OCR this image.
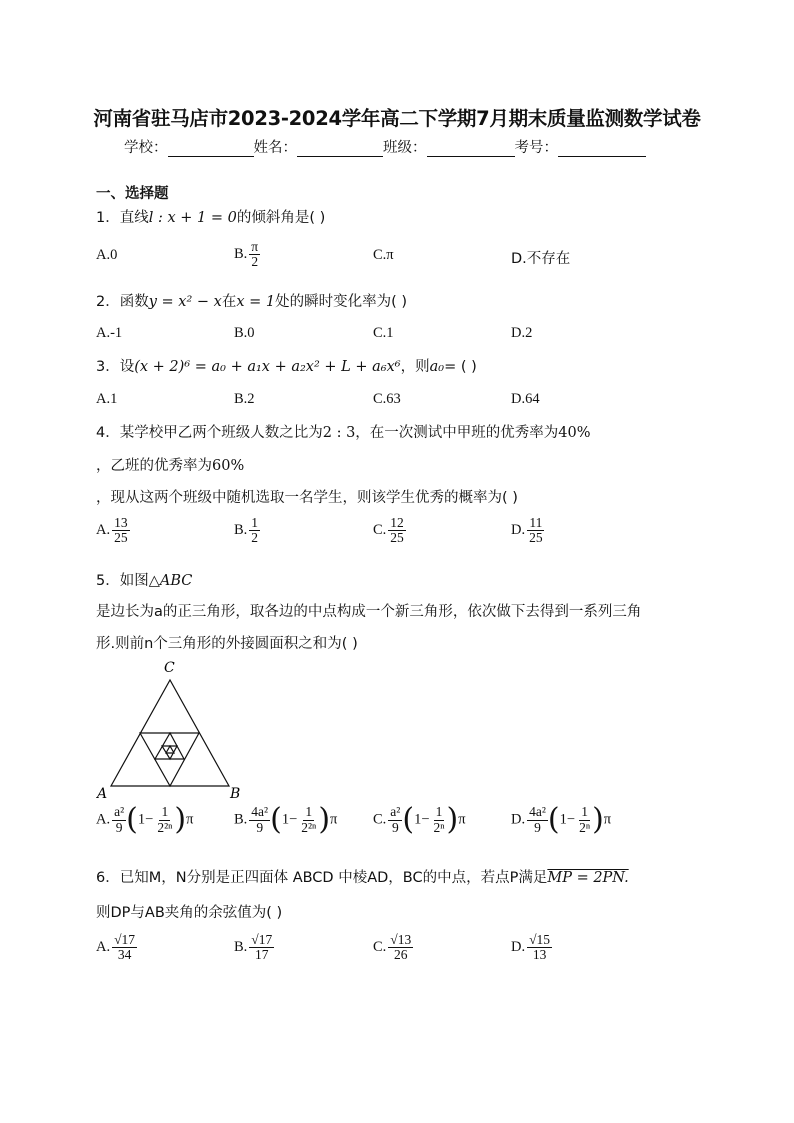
河南省驻马店市2023-2024学年高二下学期7月期末质量监测数学试卷
学校：	姓名：	班级：	考号：
一、选择题
1．直线l : x + 1 = 0的倾斜角是( )
A.0	B. $\frac{\pi}{2}$	C.π	D.不存在
2．函数y = x² − x在x = 1处的瞬时变化率为( )
A.-1	B.0	C.1	D.2
3．设(x + 2)⁶ = a₀ + a₁x + a₂x² + L + a₆x⁶，则a₀= ( )
A.1	B.2	C.63	D.64
4．某学校甲乙两个班级人数之比为2 : 3，在一次测试中甲班的优秀率为40%
，乙班的优秀率为60%
，现从这两个班级中随机选取一名学生，则该学生优秀的概率为( )
A. $\frac{13}{25}$	B. $\frac{1}{2}$	C. $\frac{12}{25}$	D. $\frac{11}{25}$
5．如图△ABC
是边长为a的正三角形，取各边的中点构成一个新三角形，依次做下去得到一系列三角
形.则前n个三角形的外接圆面积之和为( )
C
A	B
A. $\frac{\text{a²}}{9} (1- \frac{1}{\text{2²ⁿ}} )\pi$	B. $\frac{\text{4a²}}{9} (1- \frac{1}{\text{2²ⁿ}} )\pi$ C. $\frac{\text{a²}}{9} (1- \frac{1}{\text{2ⁿ}} )\pi$	D. $\frac{\text{4a²}}{9} (1- \frac{1}{\text{2ⁿ}} )\pi$
6．已知M，N分别是正四面体 ABCD 中棱AD，BC的中点，若点P满足MP = 2PN.
则DP与AB夹角的余弦值为( )
A. $\frac{√17}{34}$	B. $\frac{√17}{17}$	C. $\frac{√13}{26}$	D. $\frac{√15}{13}$
